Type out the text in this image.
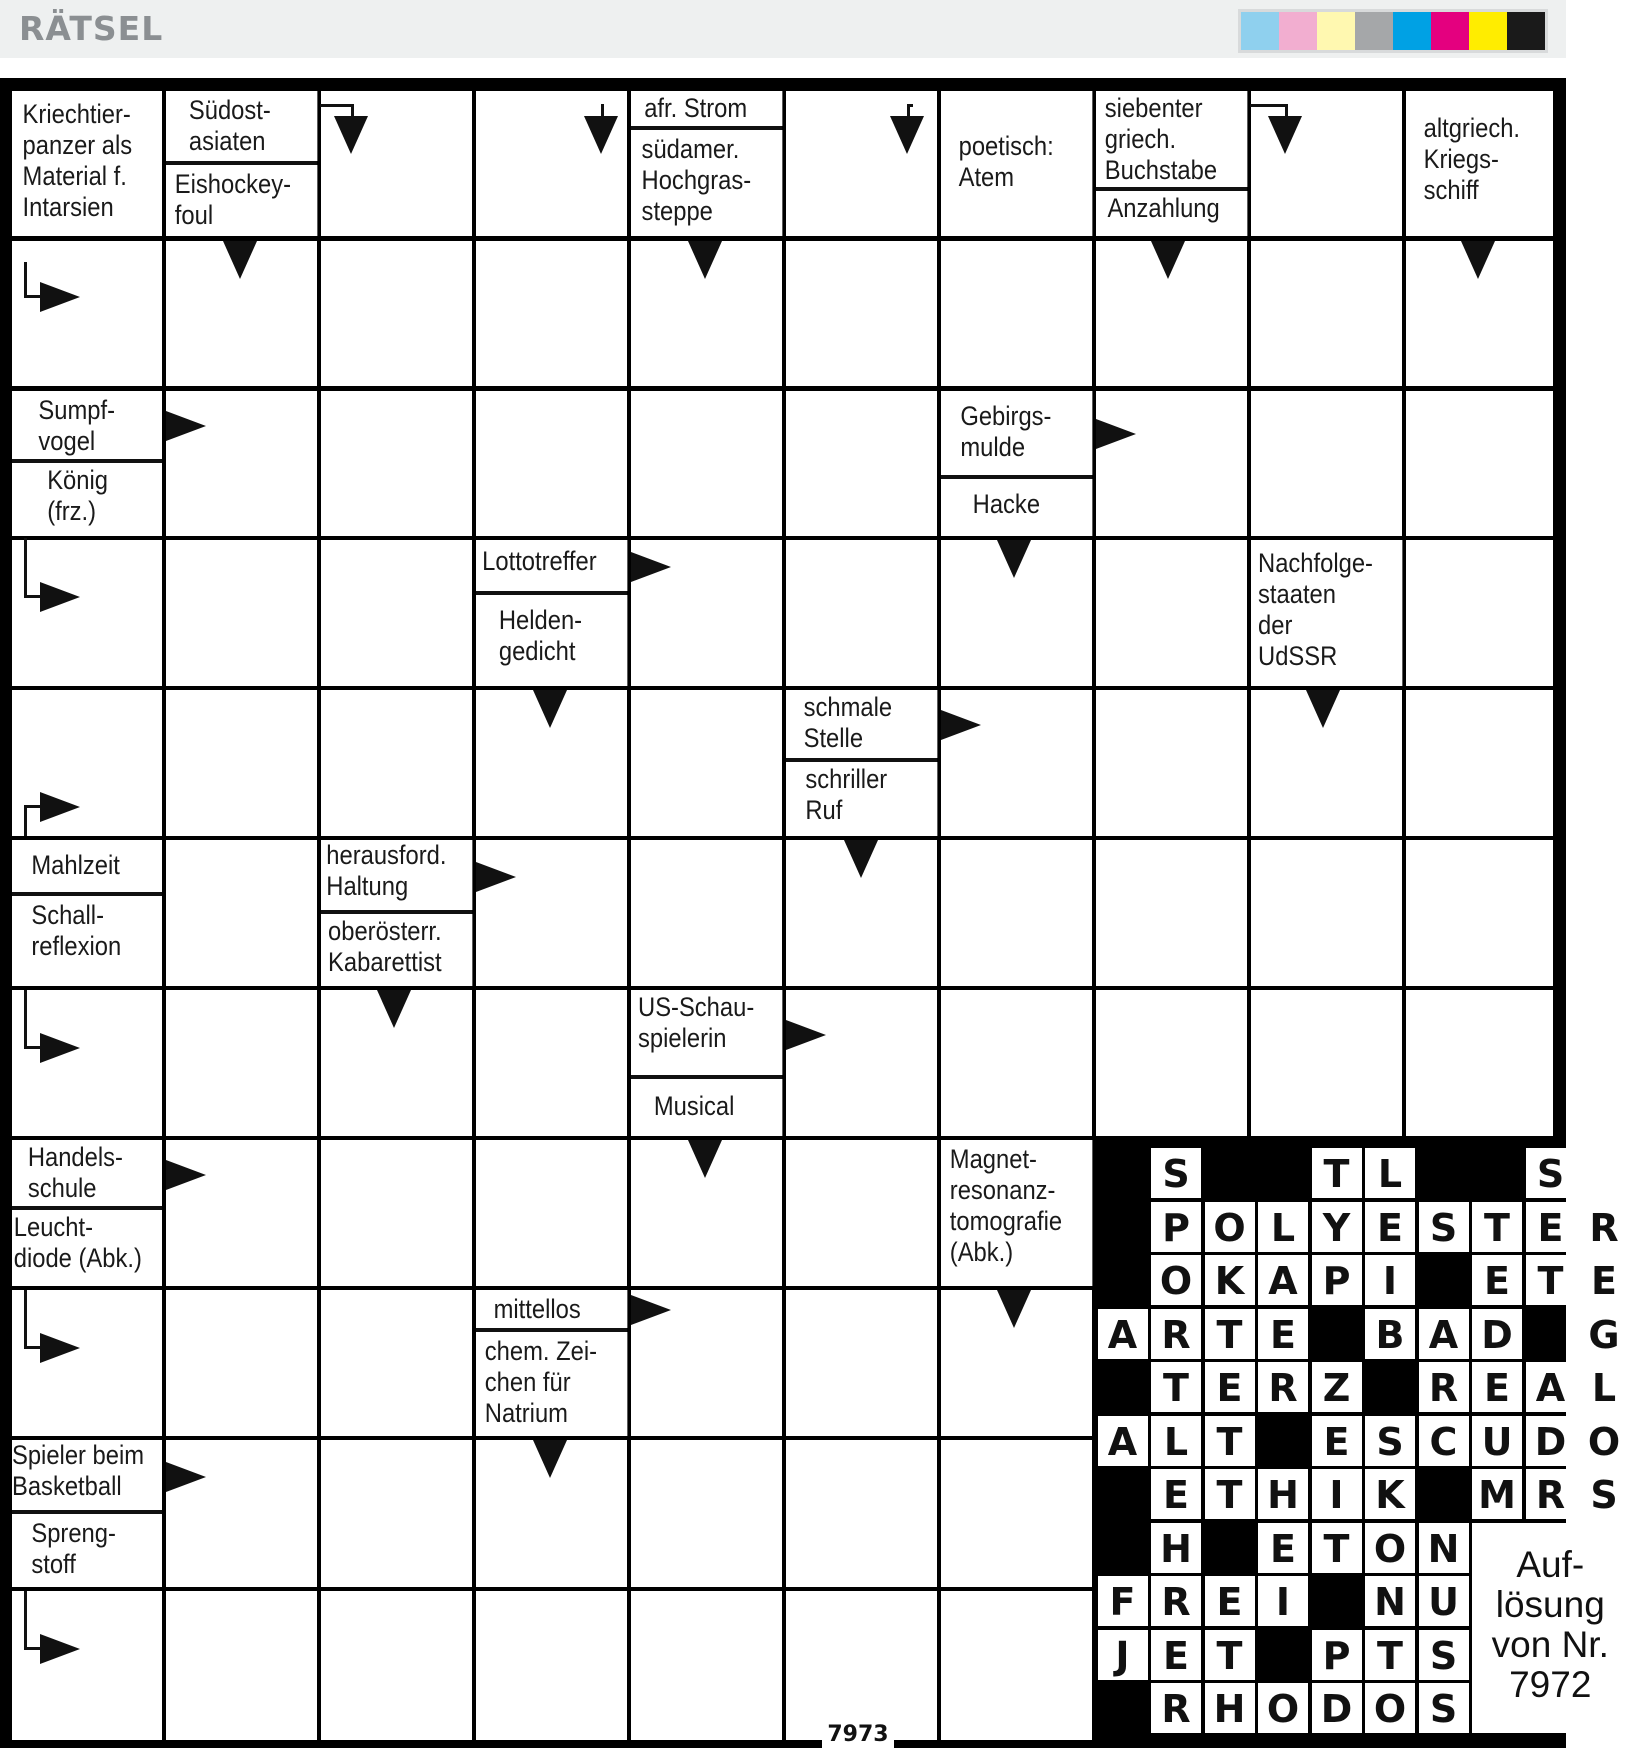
RÄTSEL
Kriechtier-
panzer als
Material f.
Intarsien
Südost-
asiaten
Eishockey-
foul
afr. Strom
südamer.
Hochgras-
steppe
poetisch:
Atem
siebenter
griech.
Buchstabe
Anzahlung
altgriech.
Kriegs-
schiff
Sumpf-
vogel
König
(frz.)
Gebirgs-
mulde
Hacke
Lottotreffer
Helden-
gedicht
Nachfolge-
staaten
der
UdSSR
schmale
Stelle
schriller
Ruf
Mahlzeit
Schall-
reflexion
herausford.
Haltung
oberösterr.
Kabarettist
US-Schau-
spielerin
Musical
Handels-
schule
Leucht-
diode (Abk.)
Magnet-
resonanz-
tomografie
(Abk.)
mittellos
chem. Zei-
chen für
Natrium
Spieler beim
Basketball
Spreng-
stoff
7973
S	T L	S
P O L Y E S T E R
O K A P I	E T E
A R T E	B A D G
T E R Z R E A L
A L T	E S C U D O
E T H I K M R S
H	E T O N
F R E I	N U
J E T	P T S
R H O D O S
Auf-
lösung
von Nr.
7972
